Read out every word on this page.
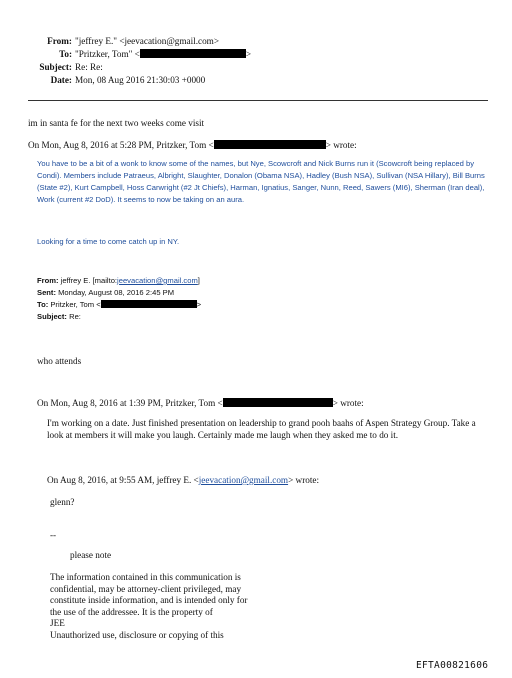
From: "jeffrey E." <jeevacation@gmail.com>
To: "Pritzker, Tom" <	>
Subject: Re: Re:
Date: Mon, 08 Aug 2016 21:30:03 +0000
im in santa fe for the next two weeks come visit
On Mon, Aug 8, 2016 at 5:28 PM, Pritzker, Tom <	> wrote:
You have to be a bit of a wonk to know some of the names, but Nye, Scowcroft and Nick Burns run it (Scowcroft being replaced by Condi). Members include Patraeus, Albright, Slaughter, Donalon (Obama NSA), Hadley (Bush NSA), Sullivan (NSA Hillary), Bill Burns (State #2), Kurt Campbell, Hoss Carwright (#2 Jt Chiefs), Harman, Ignatius, Sanger, Nunn, Reed, Sawers (MI6), Sherman (Iran deal), Work (current #2 DoD). It seems to now be taking on an aura.
Looking for a time to come catch up in NY.
From: jeffrey E. [mailto:jeevacation@gmail.com]
Sent: Monday, August 08, 2016 2:45 PM
To: Pritzker, Tom <	>
Subject: Re:
who attends
On Mon, Aug 8, 2016 at 1:39 PM, Pritzker, Tom <	> wrote:
I'm working on a date. Just finished presentation on leadership to grand pooh baahs of Aspen Strategy Group. Take a look at members it will make you laugh. Certainly made me laugh when they asked me to do it.
On Aug 8, 2016, at 9:55 AM, jeffrey E. <jeevacation@gmail.com> wrote:
glenn?
--
please note
The information contained in this communication is
confidential, may be attorney-client privileged, may
constitute inside information, and is intended only for
the use of the addressee. It is the property of
JEE
Unauthorized use, disclosure or copying of this
EFTA00821606
